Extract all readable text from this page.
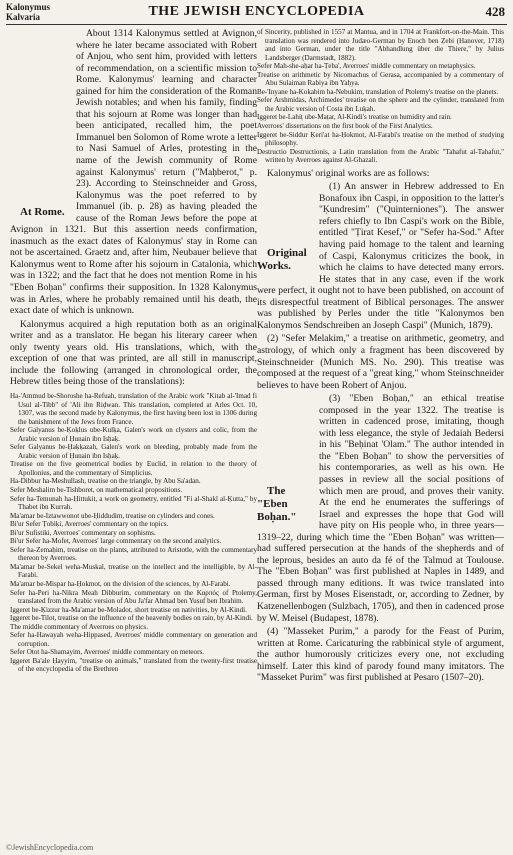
Kalonymus
Kalvaria	THE JEWISH ENCYCLOPEDIA	428

At Rome.
About 1314 Kalonymus settled at Avignon, where he later became associated with Robert of Anjou, who sent him, provided with letters of recommendation, on a scientific mission to Rome. Kalonymus' learning and character gained for him the consideration of the Roman Jewish notables; and when his family, finding that his sojourn at Rome was longer than had been anticipated, recalled him, the poet Immanuel ben Solomon of Rome wrote a letter to Nasi Samuel of Arles, protesting in the name of the Jewish community of Rome against Kalonymus' return ("Maḥberot," p. 23). According to Steinschneider and Gross, Kalonymus was the poet referred to by Immanuel (ib. p. 28) as having pleaded the cause of the Roman Jews before the pope at Avignon in 1321. But this assertion needs confirmation, inasmuch as the exact dates of Kalonymus' stay in Rome can not be ascertained. Graetz and, after him, Neubauer believe that Kalonymus went to Rome after his sojourn in Catalonia, which was in 1322; and the fact that he does not mention Rome in his "Eben Boḥan" confirms their supposition. In 1328 Kalonymus was in Arles, where he probably remained until his death, the exact date of which is unknown.

Kalonymus acquired a high reputation both as an original writer and as a translator. He began his literary career when only twenty years old. His translations, which, with the exception of one that was printed, are all still in manuscript, include the following (arranged in chronological order, the Hebrew titles being those of the translations):

Ha-'Ammud be-Shoroshe ha-Refuah, translation of the Arabic work "Kitab al-'Imad fi Usul al-Tibb" of 'Ali ibn Riḍwan. This translation, completed at Arles Oct. 10, 1307, was the second made by Kalonymus, the first having been lost in 1306 during the banishment of the Jews from France.

Sefer Galyanus be-Ḳoḳlus ube-Kulḳa, Galen's work on clysters and colic, from the Arabic version of Ḥunain ibn Isḥaḳ.

Sefer Galyanus be-Ḥaḳḳazah, Galen's work on bleeding, probably made from the Arabic version of Ḥunain ibn Isḥaḳ.

Treatise on the five geometrical bodies by Euclid, in relation to the theory of Apollonius, and the commentary of Simplicius.

Ha-Dibbur ha-Meshullash, treatise on the triangle, by Abu Sa'adan.

Sefer Meshalim be-Tishboret, on mathematical propositions.

Sefer ha-Temunah ha-Ḥittukit, a work on geometry, entitled "Fi al-Shakl al-Ḳutta," by Thabet ibn Kurrah.

Ma'amar be-Iztawwonot ube-Ḥiddudim, treatise on cylinders and cones.

Bi'ur Sefer Ṭobiḳi, Averroes' commentary on the topics.

Bi'ur Sufistiki, Averroes' commentary on sophisms.

Bi'ur Sefer ha-Mofet, Averroes' large commentary on the second analytics.

Sefer ha-Zemaḥim, treatise on the plants, attributed to Aristotle, with the commentary thereon by Averroes.

Ma'amar be-Sekel weha-Muskal, treatise on the intellect and the intelligible, by Al-Farabi.

Ma'amar be-Mispar ha-Ḥokmot, on the division of the sciences, by Al-Farabi.

Sefer ha-Peri ha-Nikra Meah Dibburim, commentary on the Καρπός of Ptolemy, translated from the Arabic version of Abu Ja'far Ahmad ben Yusuf ben Ibrahim.

Iggeret be-Ḳizzur ha-Ma'amar be-Moladot, short treatise on nativities, by Al-Kindi.

Iggeret be-Tilot, treatise on the influence of the heavenly bodies on rain, by Al-Kindi.

The middle commentary of Averroes on physics.

Sefer ha-Hawayah weha-Hippased, Averroes' middle commentary on generation and corruption.

Sefer Otot ha-Shamayim, Averroes' middle commentary on meteors.

Iggeret Ba'ale Ḥayyim, "treatise on animals," translated from the twenty-first treatise of the encyclopedia of the Brethren

of Sincerity, published in 1557 at Mantua, and in 1704 at Frankfort-on-the-Main. This translation was rendered into Judæo-German by Enoch ben Ẓebi (Hanover, 1718) and into German, under the title "Abhandlung über die Thiere," by Julius Landsberger (Darmstadt, 1882).

Sefer Mah-she-aḥar ha-Ṭeba', Averroes' middle commentary on metaphysics.

Treatise on arithmetic by Nicomachus of Gerasa, accompanied by a commentary of Abu Sulaiman Rabiya ibn Yaḥya.

Be-'Inyane ha-Kokabim ha-Nebukim, translation of Ptolemy's treatise on the planets.

Sefer Arshmidas, Archimedes' treatise on the sphere and the cylinder, translated from the Arabic version of Costa ibn Luḳah.

Iggeret be-Lahiṭ ube-Maṭar, Al-Kindi's treatise on humidity and rain.

Averroes' dissertations on the first book of the First Analytics.

Iggeret be-Siddur Ḳeri'at ha-Ḥokmot, Al-Farabi's treatise on the method of studying philosophy.

Destructio Destructionis, a Latin translation from the Arabic "Tahafut al-Tahafut," written by Averroes against Al-Ghazali.

Kalonymus' original works are as follows:

Original Works.
(1) An answer in Hebrew addressed to En Bonafoux ibn Caspi, in opposition to the latter's "Ḳundresim" ("Quinterniones"). The answer refers chiefly to Ibn Caspi's work on the Bible, entitled "Ṭirat Kesef," or "Sefer ha-Sod." After having paid homage to the talent and learning of Caspi, Kalonymus criticizes the book, in which he claims to have detected many errors. He states that in any case, even if the work were perfect, it ought not to have been published, on account of its disrespectful treatment of Biblical personages. The answer was published by Perles under the title "Kalonymos ben Kalonymos Sendschreiben an Joseph Caspi" (Munich, 1879).

(2) "Sefer Melakim," a treatise on arithmetic, geometry, and astrology, of which only a fragment has been discovered by Steinschneider (Munich MS. No. 290). This treatise was composed at the request of a "great king," whom Steinschneider believes to have been Robert of Anjou.

The "Eben Boḥan."
(3) "Eben Boḥan," an ethical treatise composed in the year 1322. The treatise is written in cadenced prose, imitating, though with less elegance, the style of Jedaiah Bedersi in his "Beḥinat 'Olam." The author intended in the "Eben Boḥan" to show the perversities of his contemporaries, as well as his own. He passes in review all the social positions of which men are proud, and proves their vanity. At the end he enumerates the sufferings of Israel and expresses the hope that God will have pity on His people who, in three years—1319–22, during which time the "Eben Boḥan" was written—had suffered persecution at the hands of the shepherds and of the leprous, besides an auto da fé of the Talmud at Toulouse. The "Eben Boḥan" was first published at Naples in 1489, and passed through many editions. It was twice translated into German, first by Moses Eisenstadt, or, according to Zedner, by Katzenellenbogen (Sulzbach, 1705), and then in cadenced prose by W. Meisel (Budapest, 1878).

(4) "Masseket Purim," a parody for the Feast of Purim, written at Rome. Caricaturing the rabbinical style of argument, the author humorously criticizes every one, not excluding himself. Later this kind of parody found many imitators. The "Masseket Purim" was first published at Pesaro (1507–20).

©JewishEncyclopedia.com
